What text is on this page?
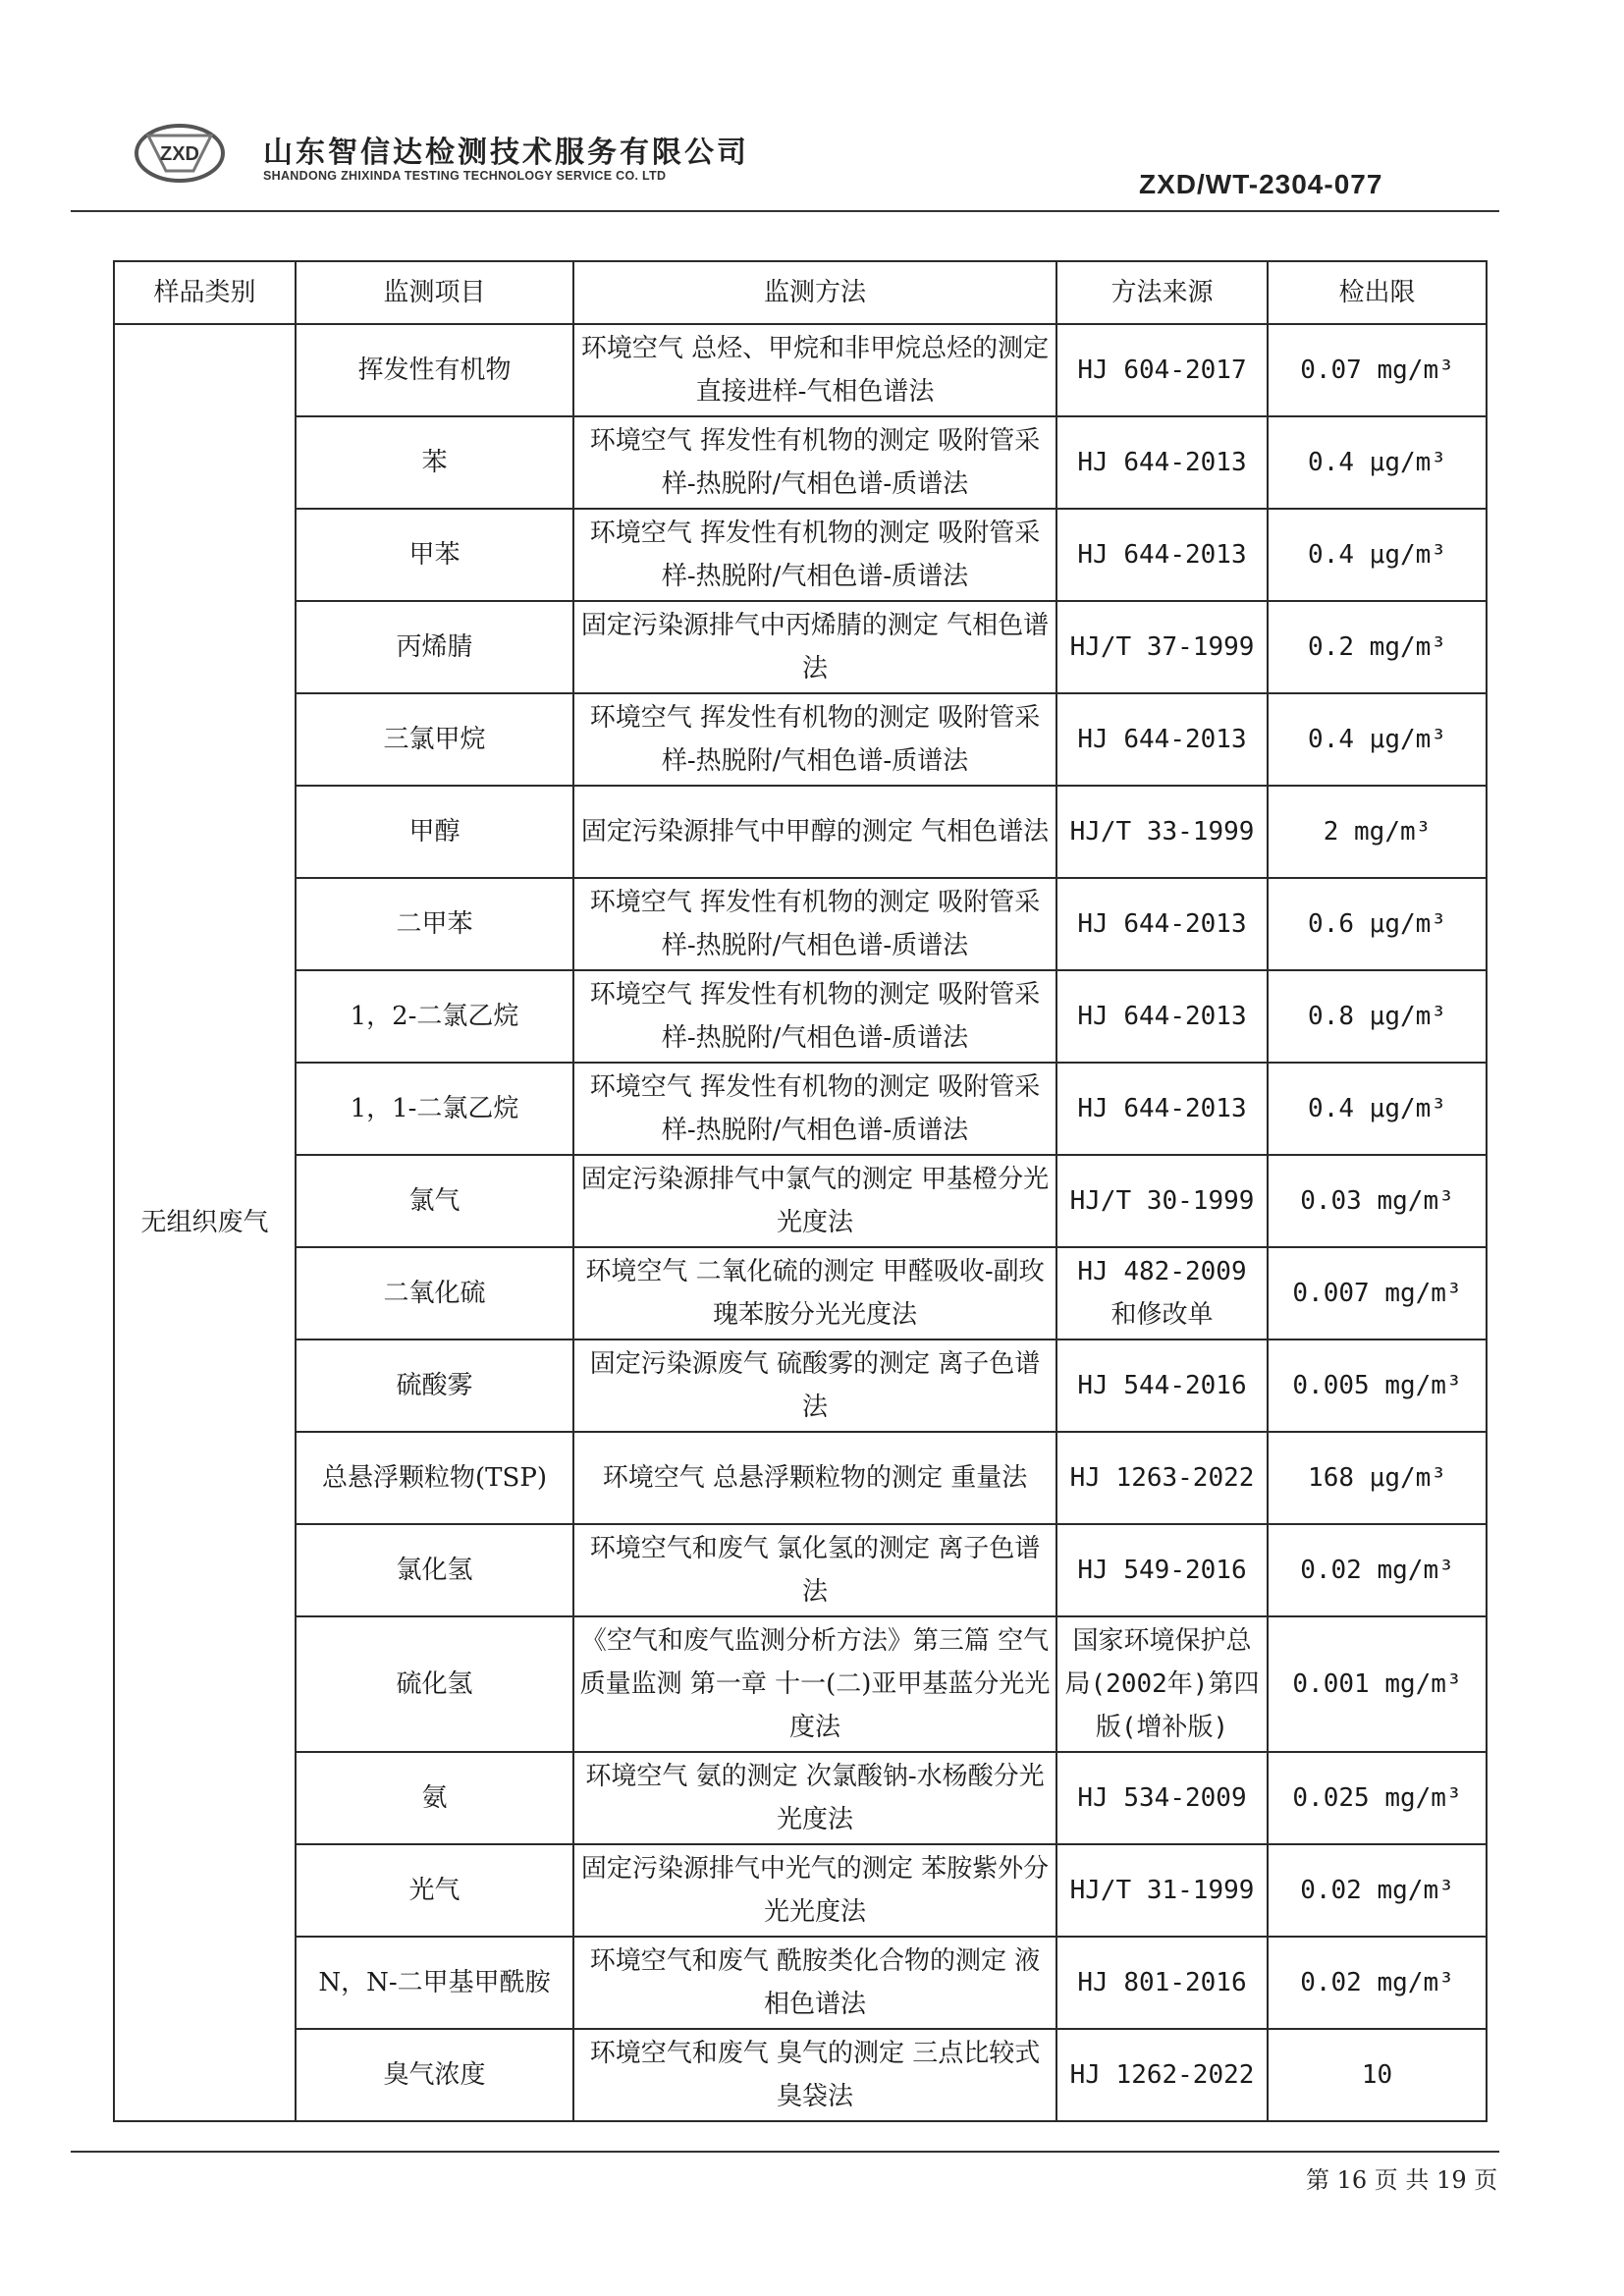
ZXD 山东智信达检测技术服务有限公司
SHANDONG ZHIXINDA TESTING TECHNOLOGY SERVICE CO. LTD	ZXD/WT-2304-077
样品类别	监测项目	监测方法	方法来源	检出限
无组织废气	挥发性有机物	环境空气 总烃、甲烷和非甲烷总烃的测定 直接进样-气相色谱法	HJ 604-2017	0.07 mg/m³
	苯	环境空气 挥发性有机物的测定 吸附管采样-热脱附/气相色谱-质谱法	HJ 644-2013	0.4 μg/m³
	甲苯	环境空气 挥发性有机物的测定 吸附管采样-热脱附/气相色谱-质谱法	HJ 644-2013	0.4 μg/m³
	丙烯腈	固定污染源排气中丙烯腈的测定 气相色谱法	HJ/T 37-1999	0.2 mg/m³
	三氯甲烷	环境空气 挥发性有机物的测定 吸附管采样-热脱附/气相色谱-质谱法	HJ 644-2013	0.4 μg/m³
	甲醇	固定污染源排气中甲醇的测定 气相色谱法	HJ/T 33-1999	2 mg/m³
	二甲苯	环境空气 挥发性有机物的测定 吸附管采样-热脱附/气相色谱-质谱法	HJ 644-2013	0.6 μg/m³
	1，2-二氯乙烷	环境空气 挥发性有机物的测定 吸附管采样-热脱附/气相色谱-质谱法	HJ 644-2013	0.8 μg/m³
	1，1-二氯乙烷	环境空气 挥发性有机物的测定 吸附管采样-热脱附/气相色谱-质谱法	HJ 644-2013	0.4 μg/m³
	氯气	固定污染源排气中氯气的测定 甲基橙分光光度法	HJ/T 30-1999	0.03 mg/m³
	二氧化硫	环境空气 二氧化硫的测定 甲醛吸收-副玫瑰苯胺分光光度法	HJ 482-2009 和修改单	0.007 mg/m³
	硫酸雾	固定污染源废气 硫酸雾的测定 离子色谱法	HJ 544-2016	0.005 mg/m³
	总悬浮颗粒物(TSP)	环境空气 总悬浮颗粒物的测定 重量法	HJ 1263-2022	168 μg/m³
	氯化氢	环境空气和废气 氯化氢的测定 离子色谱法	HJ 549-2016	0.02 mg/m³
	硫化氢	《空气和废气监测分析方法》第三篇 空气质量监测 第一章 十一(二)亚甲基蓝分光光度法	国家环境保护总局(2002年)第四版(增补版)	0.001 mg/m³
	氨	环境空气 氨的测定 次氯酸钠-水杨酸分光光度法	HJ 534-2009	0.025 mg/m³
	光气	固定污染源排气中光气的测定 苯胺紫外分光光度法	HJ/T 31-1999	0.02 mg/m³
	N，N-二甲基甲酰胺	环境空气和废气 酰胺类化合物的测定 液相色谱法	HJ 801-2016	0.02 mg/m³
	臭气浓度	环境空气和废气 臭气的测定 三点比较式臭袋法	HJ 1262-2022	10
第 16 页 共 19 页
